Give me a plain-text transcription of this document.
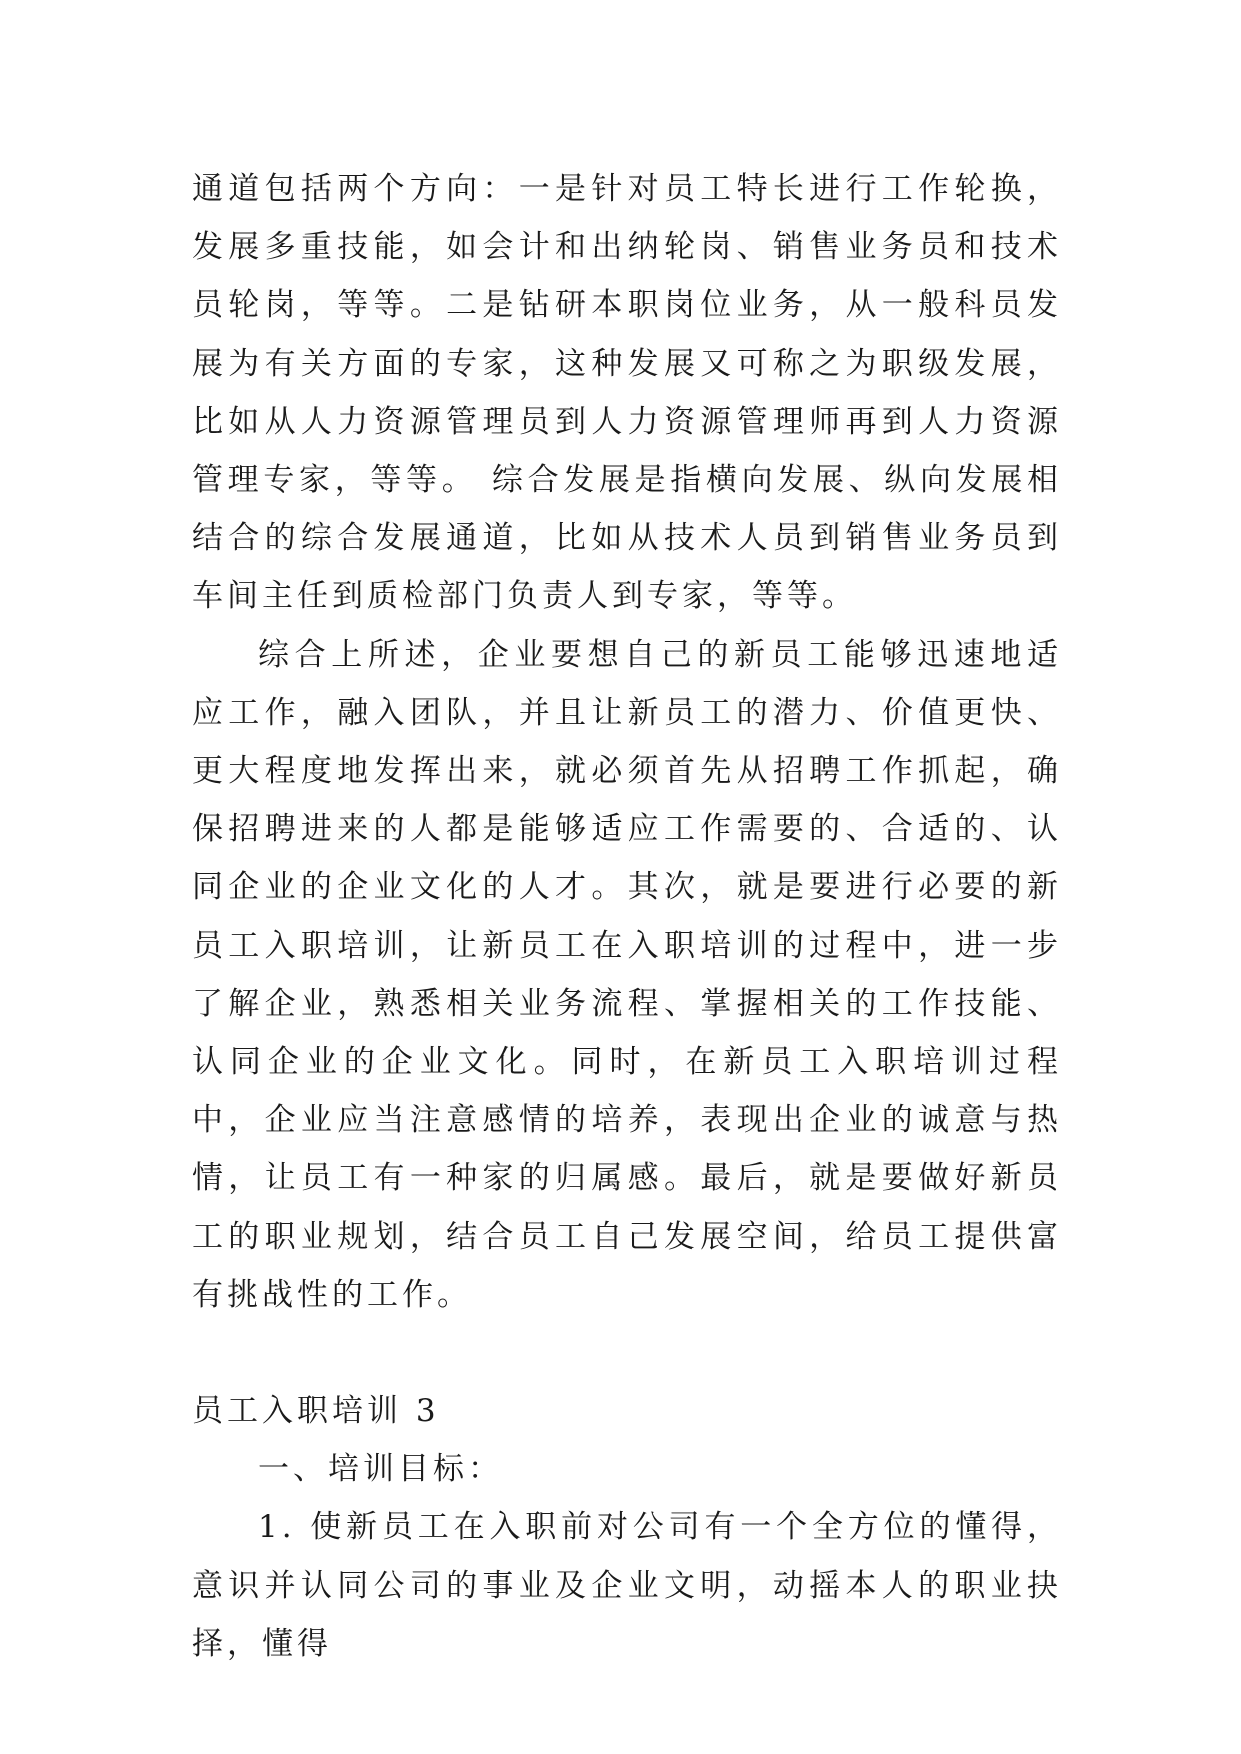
通道包括两个方向：一是针对员工特长进行工作轮换，发展多重技能，如会计和出纳轮岗、销售业务员和技术员轮岗，等等。二是钻研本职岗位业务，从一般科员发展为有关方面的专家，这种发展又可称之为职级发展，比如从人力资源管理员到人力资源管理师再到人力资源管理专家，等等。 综合发展是指横向发展、纵向发展相结合的综合发展通道，比如从技术人员到销售业务员到车间主任到质检部门负责人到专家，等等。

综合上所述，企业要想自己的新员工能够迅速地适应工作，融入团队，并且让新员工的潜力、价值更快、更大程度地发挥出来，就必须首先从招聘工作抓起，确保招聘进来的人都是能够适应工作需要的、合适的、认同企业的企业文化的人才。其次，就是要进行必要的新员工入职培训，让新员工在入职培训的过程中，进一步了解企业，熟悉相关业务流程、掌握相关的工作技能、认同企业的企业文化。同时，在新员工入职培训过程中，企业应当注意感情的培养，表现出企业的诚意与热情，让员工有一种家的归属感。最后，就是要做好新员工的职业规划，结合员工自己发展空间，给员工提供富有挑战性的工作。

员工入职培训 3

一、培训目标：

1. 使新员工在入职前对公司有一个全方位的懂得，意识并认同公司的事业及企业文明，动摇本人的职业抉择，懂得
